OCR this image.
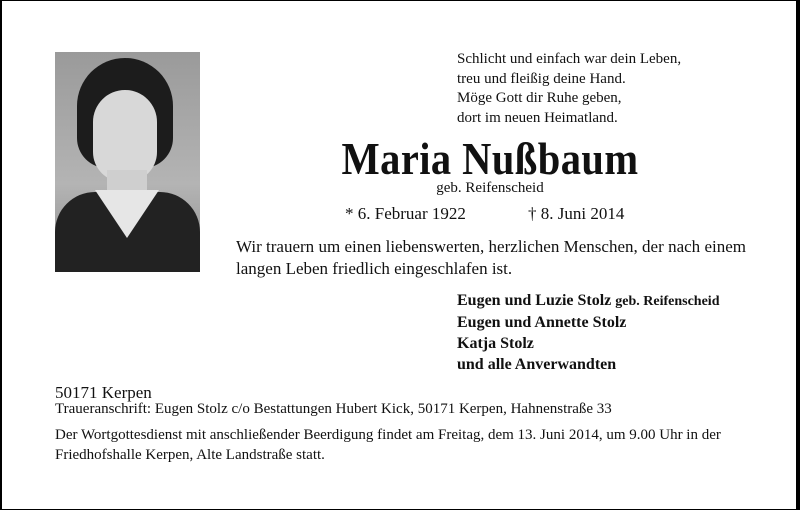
Schlicht und einfach war dein Leben,
treu und fleißig deine Hand.
Möge Gott dir Ruhe geben,
dort im neuen Heimatland.
Maria Nußbaum
geb. Reifenscheid
* 6. Februar 1922	† 8. Juni 2014
Wir trauern um einen liebenswerten, herzlichen Menschen, der nach einem langen Leben friedlich eingeschlafen ist.
Eugen und Luzie Stolz geb. Reifenscheid
Eugen und Annette Stolz
Katja Stolz
und alle Anverwandten
50171 Kerpen
Traueranschrift: Eugen Stolz c/o Bestattungen Hubert Kick, 50171 Kerpen, Hahnenstraße 33
Der Wortgottesdienst mit anschließender Beerdigung findet am Freitag, dem 13. Juni 2014, um 9.00 Uhr in der Friedhofshalle Kerpen, Alte Landstraße statt.
